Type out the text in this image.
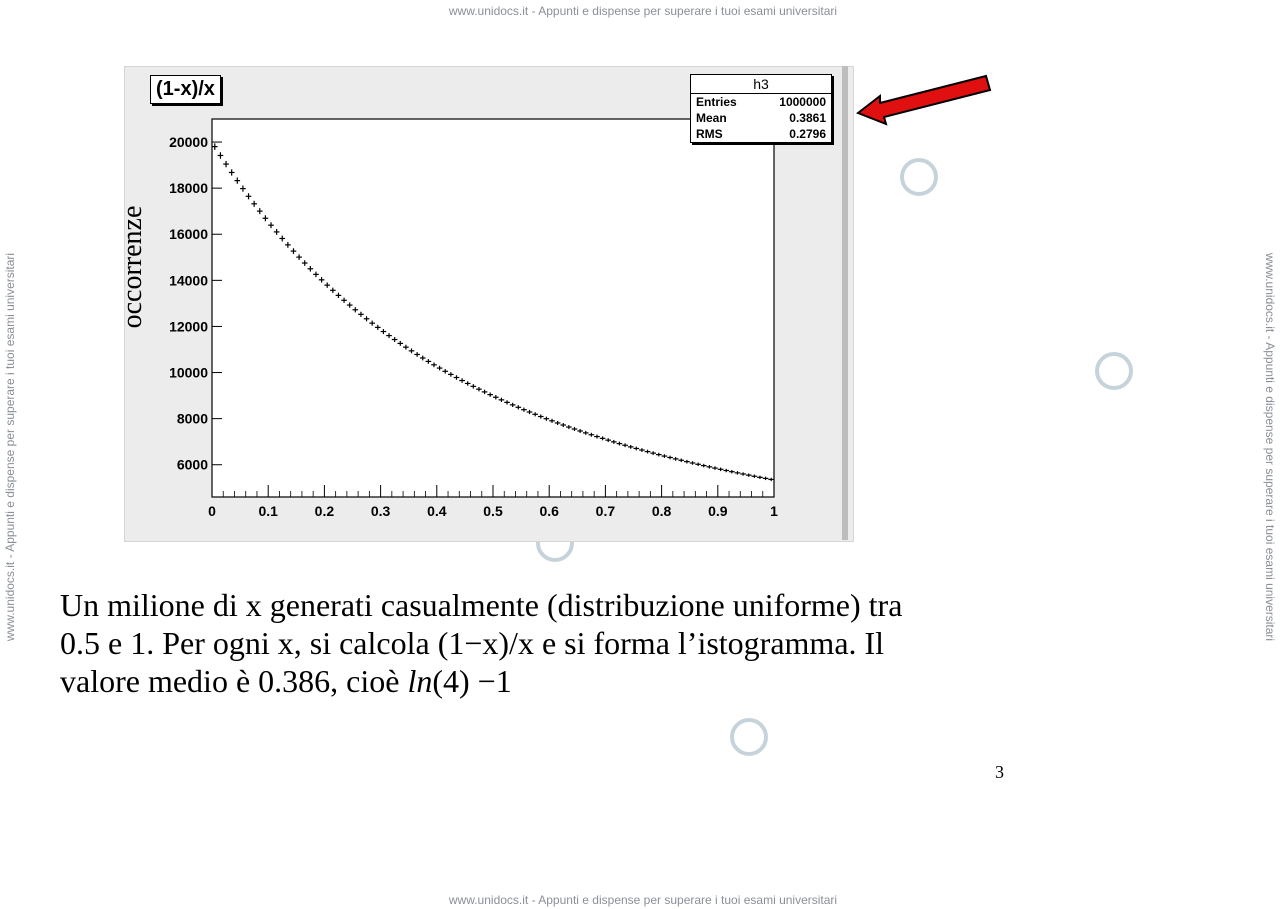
www.unidocs.it - Appunti e dispense per superare i tuoi esami universitari
www.unidocs.it - Appunti e dispense per superare i tuoi esami universitari	www.unidocs.it - Appunti e dispense per superare i tuoi esami universitari
6000
8000
10000
12000
14000
16000
18000
20000
0	0.1	0.2	0.3	0.4	0.5	0.6	0.7	0.8	0.9	1
(1-x)/x	h3
Entries	1000000
Mean	0.3861
RMS	0.2796
occorrenze
Un milione di x generati casualmente (distribuzione uniforme) tra
0.5 e 1. Per ogni x, si calcola (1−x)/x e si forma l’istogramma. Il
valore medio è 0.386, cioè ln(4) −1
3
www.unidocs.it - Appunti e dispense per superare i tuoi esami universitari
